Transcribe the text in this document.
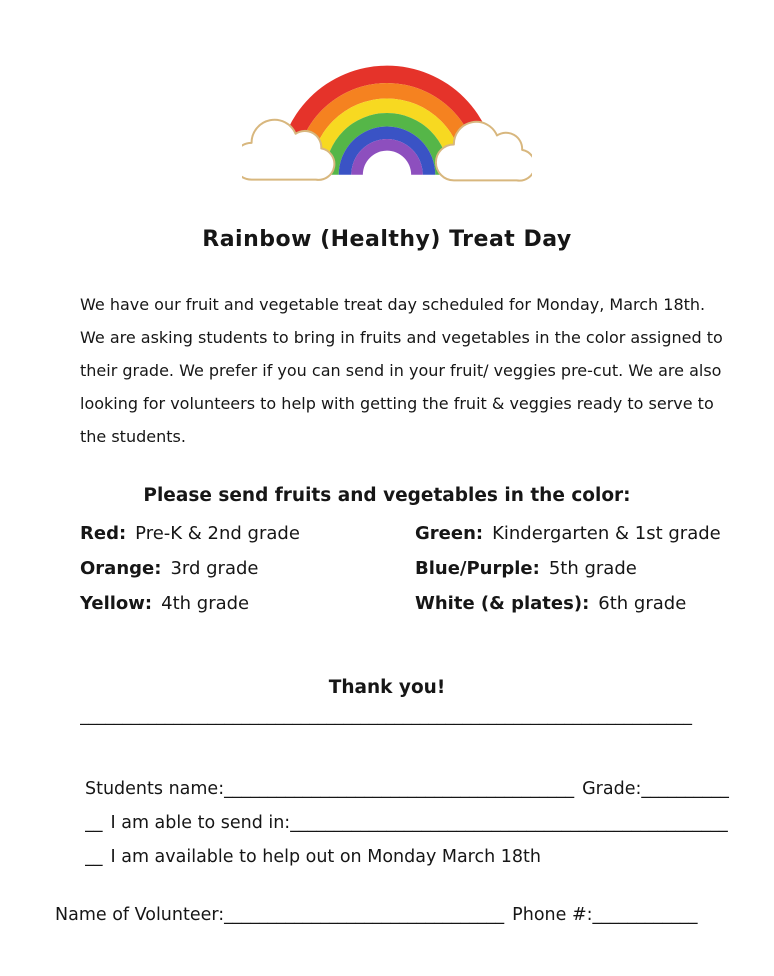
Rainbow (Healthy) Treat Day

We have our fruit and vegetable treat day scheduled for Monday, March 18th. We are asking students to bring in fruits and vegetables in the color assigned to their grade. We prefer if you can send in your fruit/ veggies pre-cut. We are also looking for volunteers to help with getting the fruit & veggies ready to serve to the students.

Please send fruits and vegetables in the color:
Red: Pre-K & 2nd grade	Green: Kindergarten & 1st grade
Orange: 3rd grade	Blue/Purple: 5th grade
Yellow: 4th grade	White (& plates): 6th grade
Thank you!
________________________________________________________________________
Students name:________________________________________ Grade:__________
__ I am able to send in:__________________________________________________
__ I am available to help out on Monday March 18th
Name of Volunteer:________________________________ Phone #:____________
